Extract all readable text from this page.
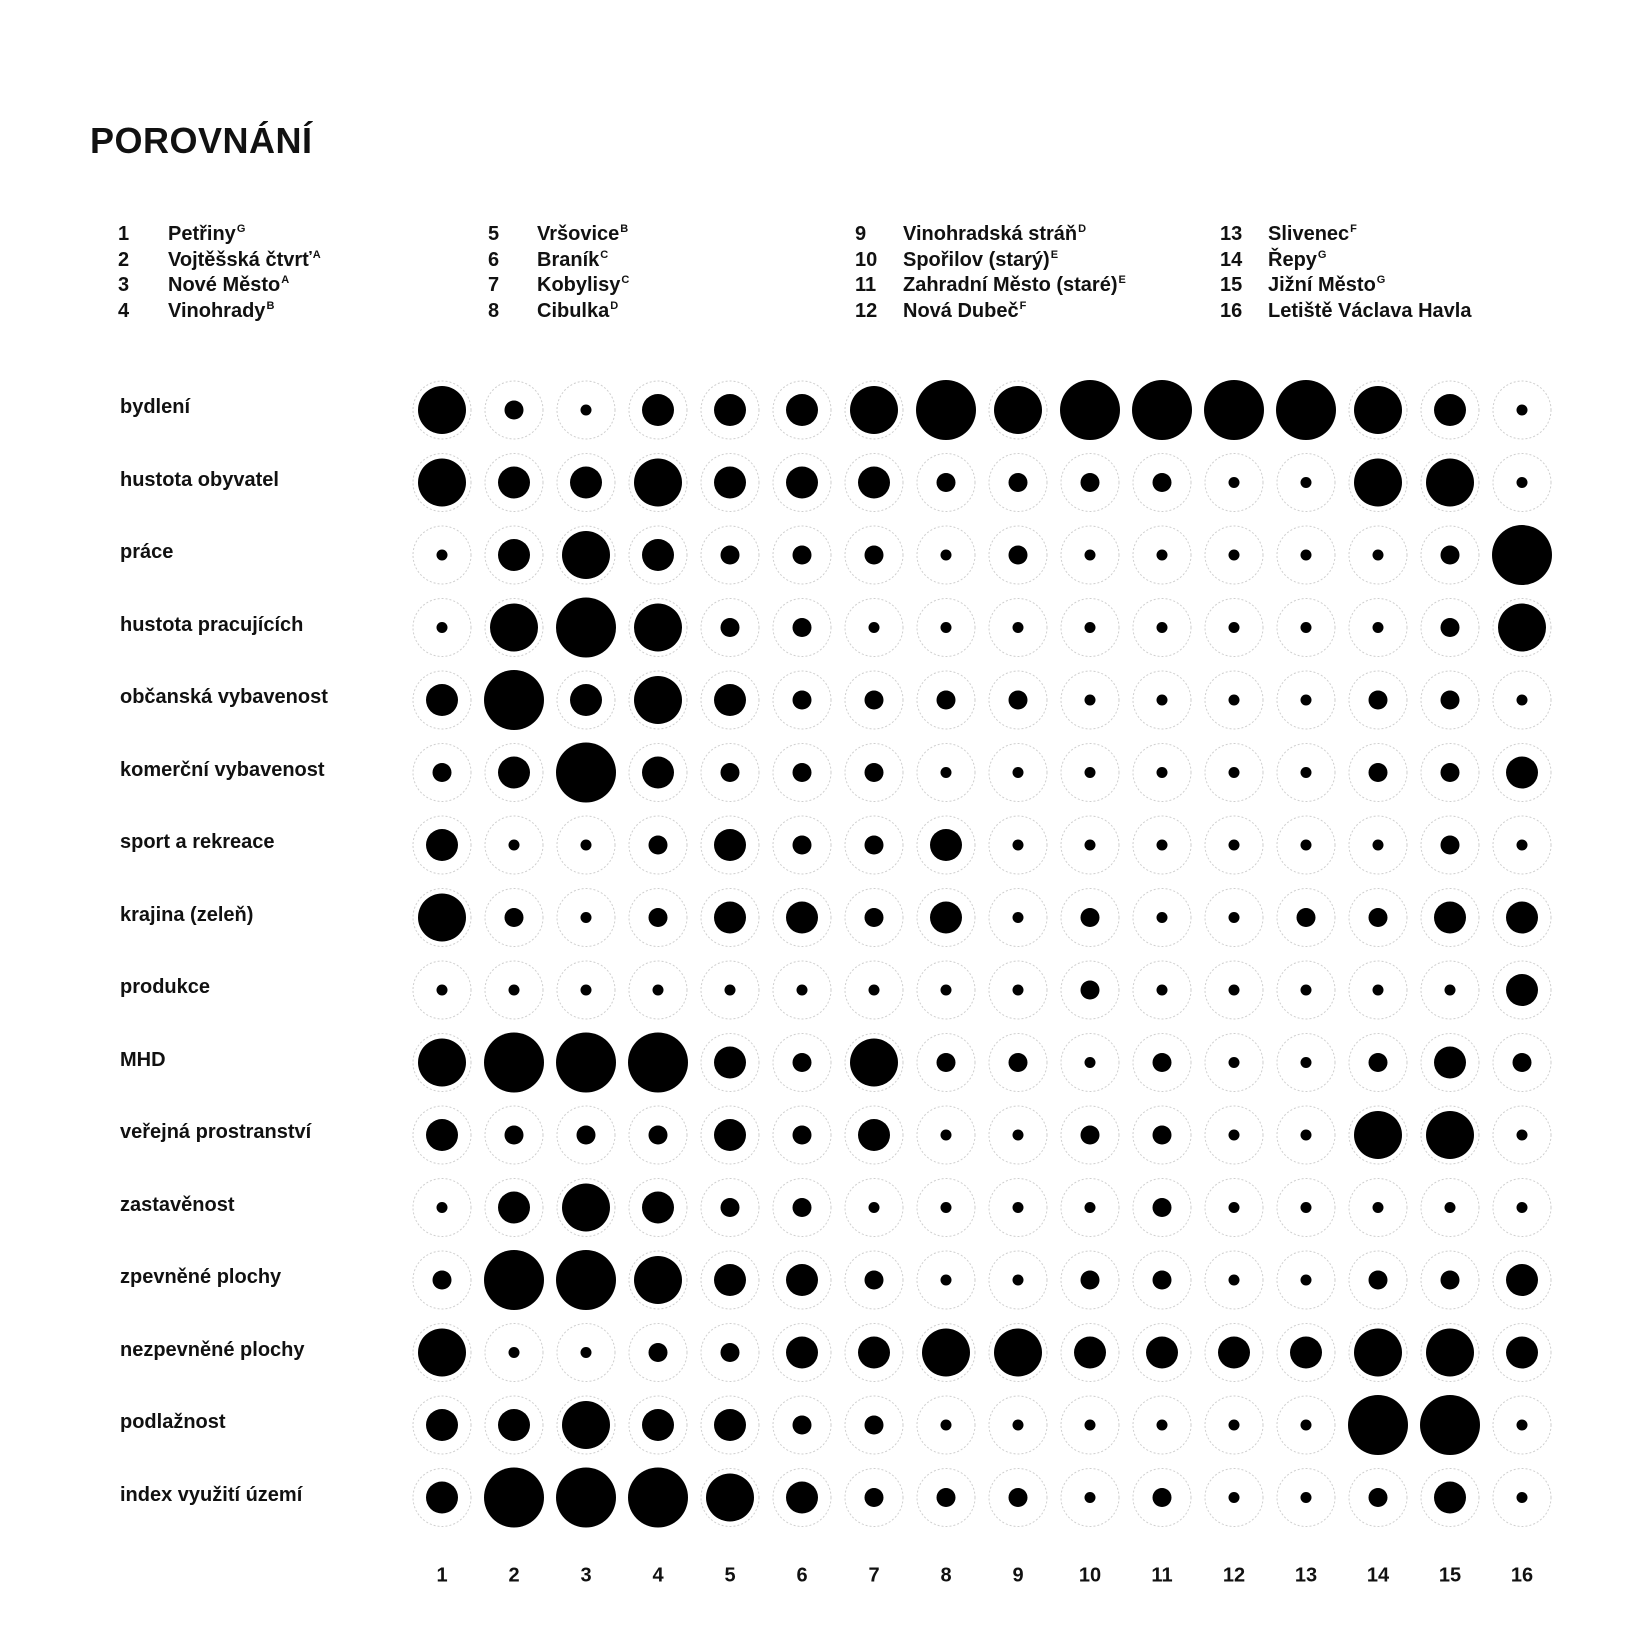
POROVNÁNÍ
1 Petřiny$^G$
2 Vojtěšská čtvrť$^A$
3 Nové Město$^A$
4 Vinohrady$^B$
5 Vršovice$^B$
6 Braník$^C$
7 Kobylisy$^C$
8 Cibulka$^D$
9 Vinohradská stráň$^D$
10 Spořilov (starý)$^E$
11 Zahradní Město (staré)$^E$
12 Nová Dubeč$^F$
13 Slivenec$^F$
14 Řepy$^G$
15 Jižní Město$^G$
16 Letiště Václava Havla
bydlení
hustota obyvatel
práce
hustota pracujících
občanská vybavenost
komerční vybavenost
sport a rekreace
krajina (zeleň)
produkce
MHD
veřejná prostranství
zastavěnost
zpevněné plochy
nezpevněné plochy
podlažnost
index využití území
1	2	3	4	5	6	7	8	9	10	11	12 13 14 15 16
